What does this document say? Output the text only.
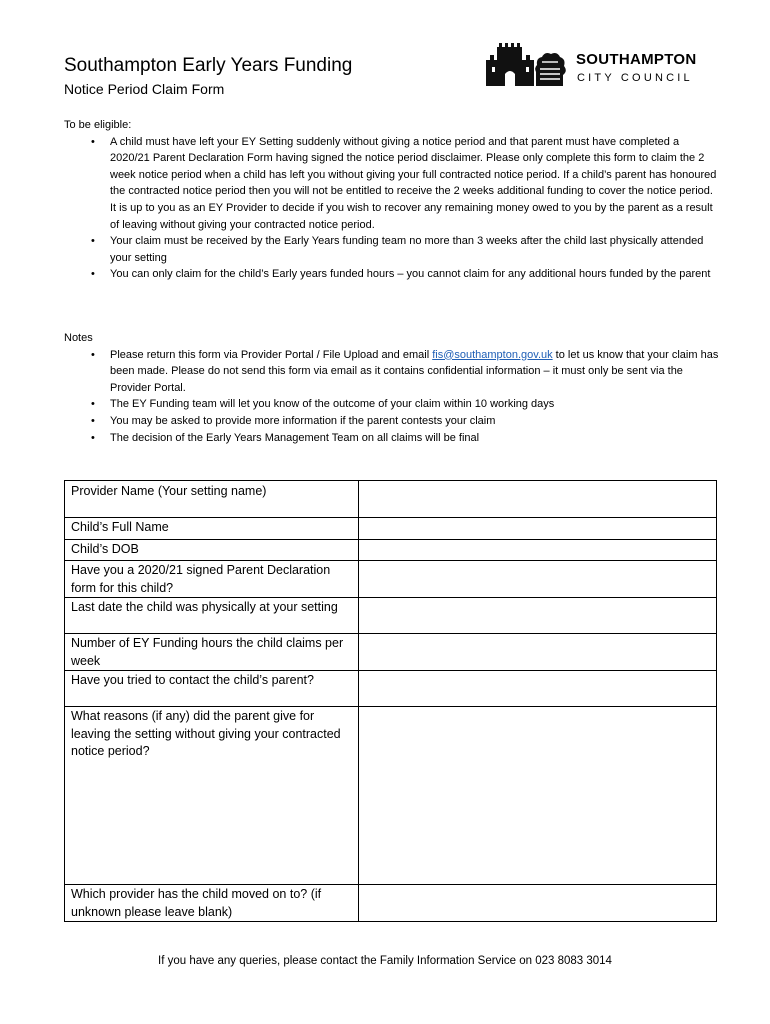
Southampton Early Years Funding
Notice Period Claim Form
SOUTHAMPTON
CITY COUNCIL

To be eligible:

• A child must have left your EY Setting suddenly without giving a notice period and that parent must have completed a 2020/21 Parent Declaration Form having signed the notice period disclaimer. Please only complete this form to claim the 2 week notice period when a child has left you without giving your full contracted notice period. If a child’s parent has honoured the contracted notice period then you will not be entitled to receive the 2 weeks additional funding to cover the notice period. It is up to you as an EY Provider to decide if you wish to recover any remaining money owed to you by the parent as a result of leaving without giving your contracted notice period.
• Your claim must be received by the Early Years funding team no more than 3 weeks after the child last physically attended your setting
• You can only claim for the child’s Early years funded hours – you cannot claim for any additional hours funded by the parent

Notes

• Please return this form via Provider Portal / File Upload and email fis@southampton.gov.uk to let us know that your claim has been made. Please do not send this form via email as it contains confidential information – it must only be sent via the Provider Portal.
• The EY Funding team will let you know of the outcome of your claim within 10 working days
• You may be asked to provide more information if the parent contests your claim
• The decision of the Early Years Management Team on all claims will be final
Provider Name (Your setting name)	
Child’s Full Name	
Child’s DOB	
Have you a 2020/21 signed Parent Declaration form for this child?	
Last date the child was physically at your setting	
Number of EY Funding hours the child claims per week	
Have you tried to contact the child’s parent?	
What reasons (if any) did the parent give for leaving the setting without giving your contracted notice period?	
Which provider has the child moved on to? (if unknown please leave blank)	
If you have any queries, please contact the Family Information Service on 023 8083 3014
